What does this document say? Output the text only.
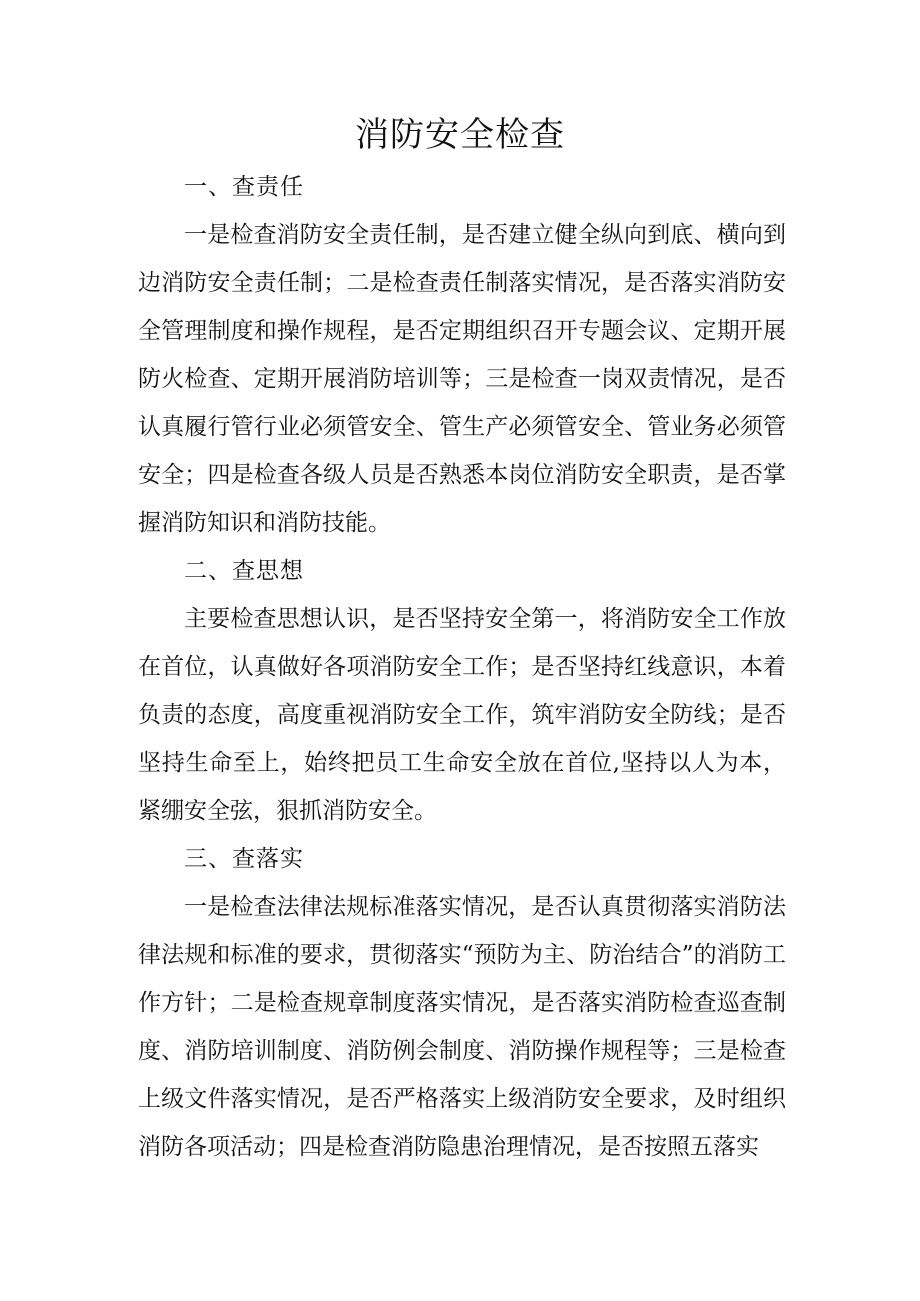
消防安全检查

一、查责任

一是检查消防安全责任制，是否建立健全纵向到底、横向到边消防安全责任制；二是检查责任制落实情况，是否落实消防安全管理制度和操作规程，是否定期组织召开专题会议、定期开展防火检查、定期开展消防培训等；三是检查一岗双责情况，是否认真履行管行业必须管安全、管生产必须管安全、管业务必须管安全；四是检查各级人员是否熟悉本岗位消防安全职责，是否掌握消防知识和消防技能。

二、查思想

主要检查思想认识，是否坚持安全第一，将消防安全工作放在首位，认真做好各项消防安全工作；是否坚持红线意识，本着负责的态度，高度重视消防安全工作，筑牢消防安全防线；是否坚持生命至上，始终把员工生命安全放在首位,坚持以人为本，紧绷安全弦，狠抓消防安全。

三、查落实

一是检查法律法规标准落实情况，是否认真贯彻落实消防法律法规和标准的要求，贯彻落实“预防为主、防治结合”的消防工作方针；二是检查规章制度落实情况，是否落实消防检查巡查制度、消防培训制度、消防例会制度、消防操作规程等；三是检查上级文件落实情况，是否严格落实上级消防安全要求，及时组织消防各项活动；四是检查消防隐患治理情况，是否按照五落实
